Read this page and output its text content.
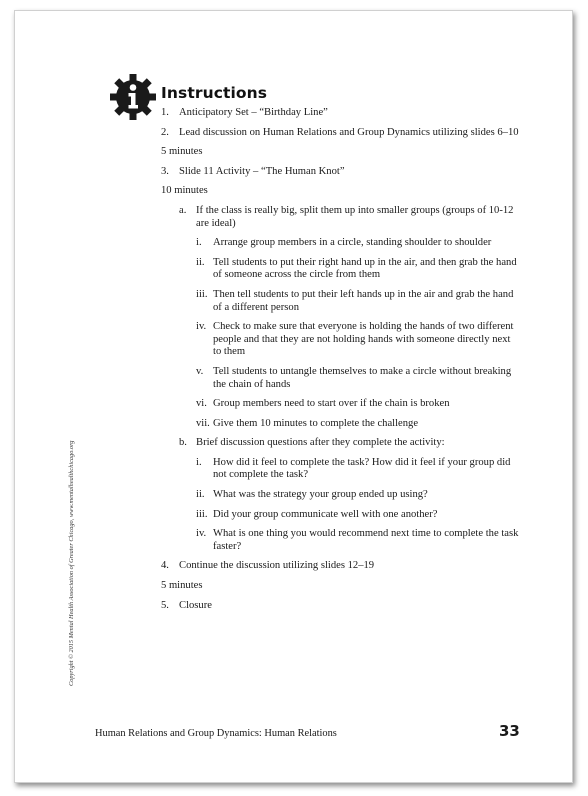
Instructions
1. Anticipatory Set – “Birthday Line”
2. Lead discussion on Human Relations and Group Dynamics utilizing slides 6–10
5 minutes
3. Slide 11 Activity – “The Human Knot”
10 minutes
a. If the class is really big, split them up into smaller groups (groups of 10-12 are ideal)
i.	Arrange group members in a circle, standing shoulder to shoulder
ii. Tell students to put their right hand up in the air, and then grab the hand of someone across the circle from them
iii. Then tell students to put their left hands up in the air and grab the hand of a different person
iv. Check to make sure that everyone is holding the hands of two different people and that they are not holding hands with someone directly next to them
v. Tell students to untangle themselves to make a circle without breaking the chain of hands
vi. Group members need to start over if the chain is broken
vii. Give them 10 minutes to complete the challenge
b. Brief discussion questions after they complete the activity:
i.	How did it feel to complete the task? How did it feel if your group did not complete the task?
ii. What was the strategy your group ended up using?
iii. Did your group communicate well with one another?
iv. What is one thing you would recommend next time to complete the task faster?
4. Continue the discussion utilizing slides 12–19
5 minutes
5. Closure
Copyright © 2015 Mental Health Association of Greater Chicago, www.mentalhealthchicago.org
Human Relations and Group Dynamics: Human Relations	33
